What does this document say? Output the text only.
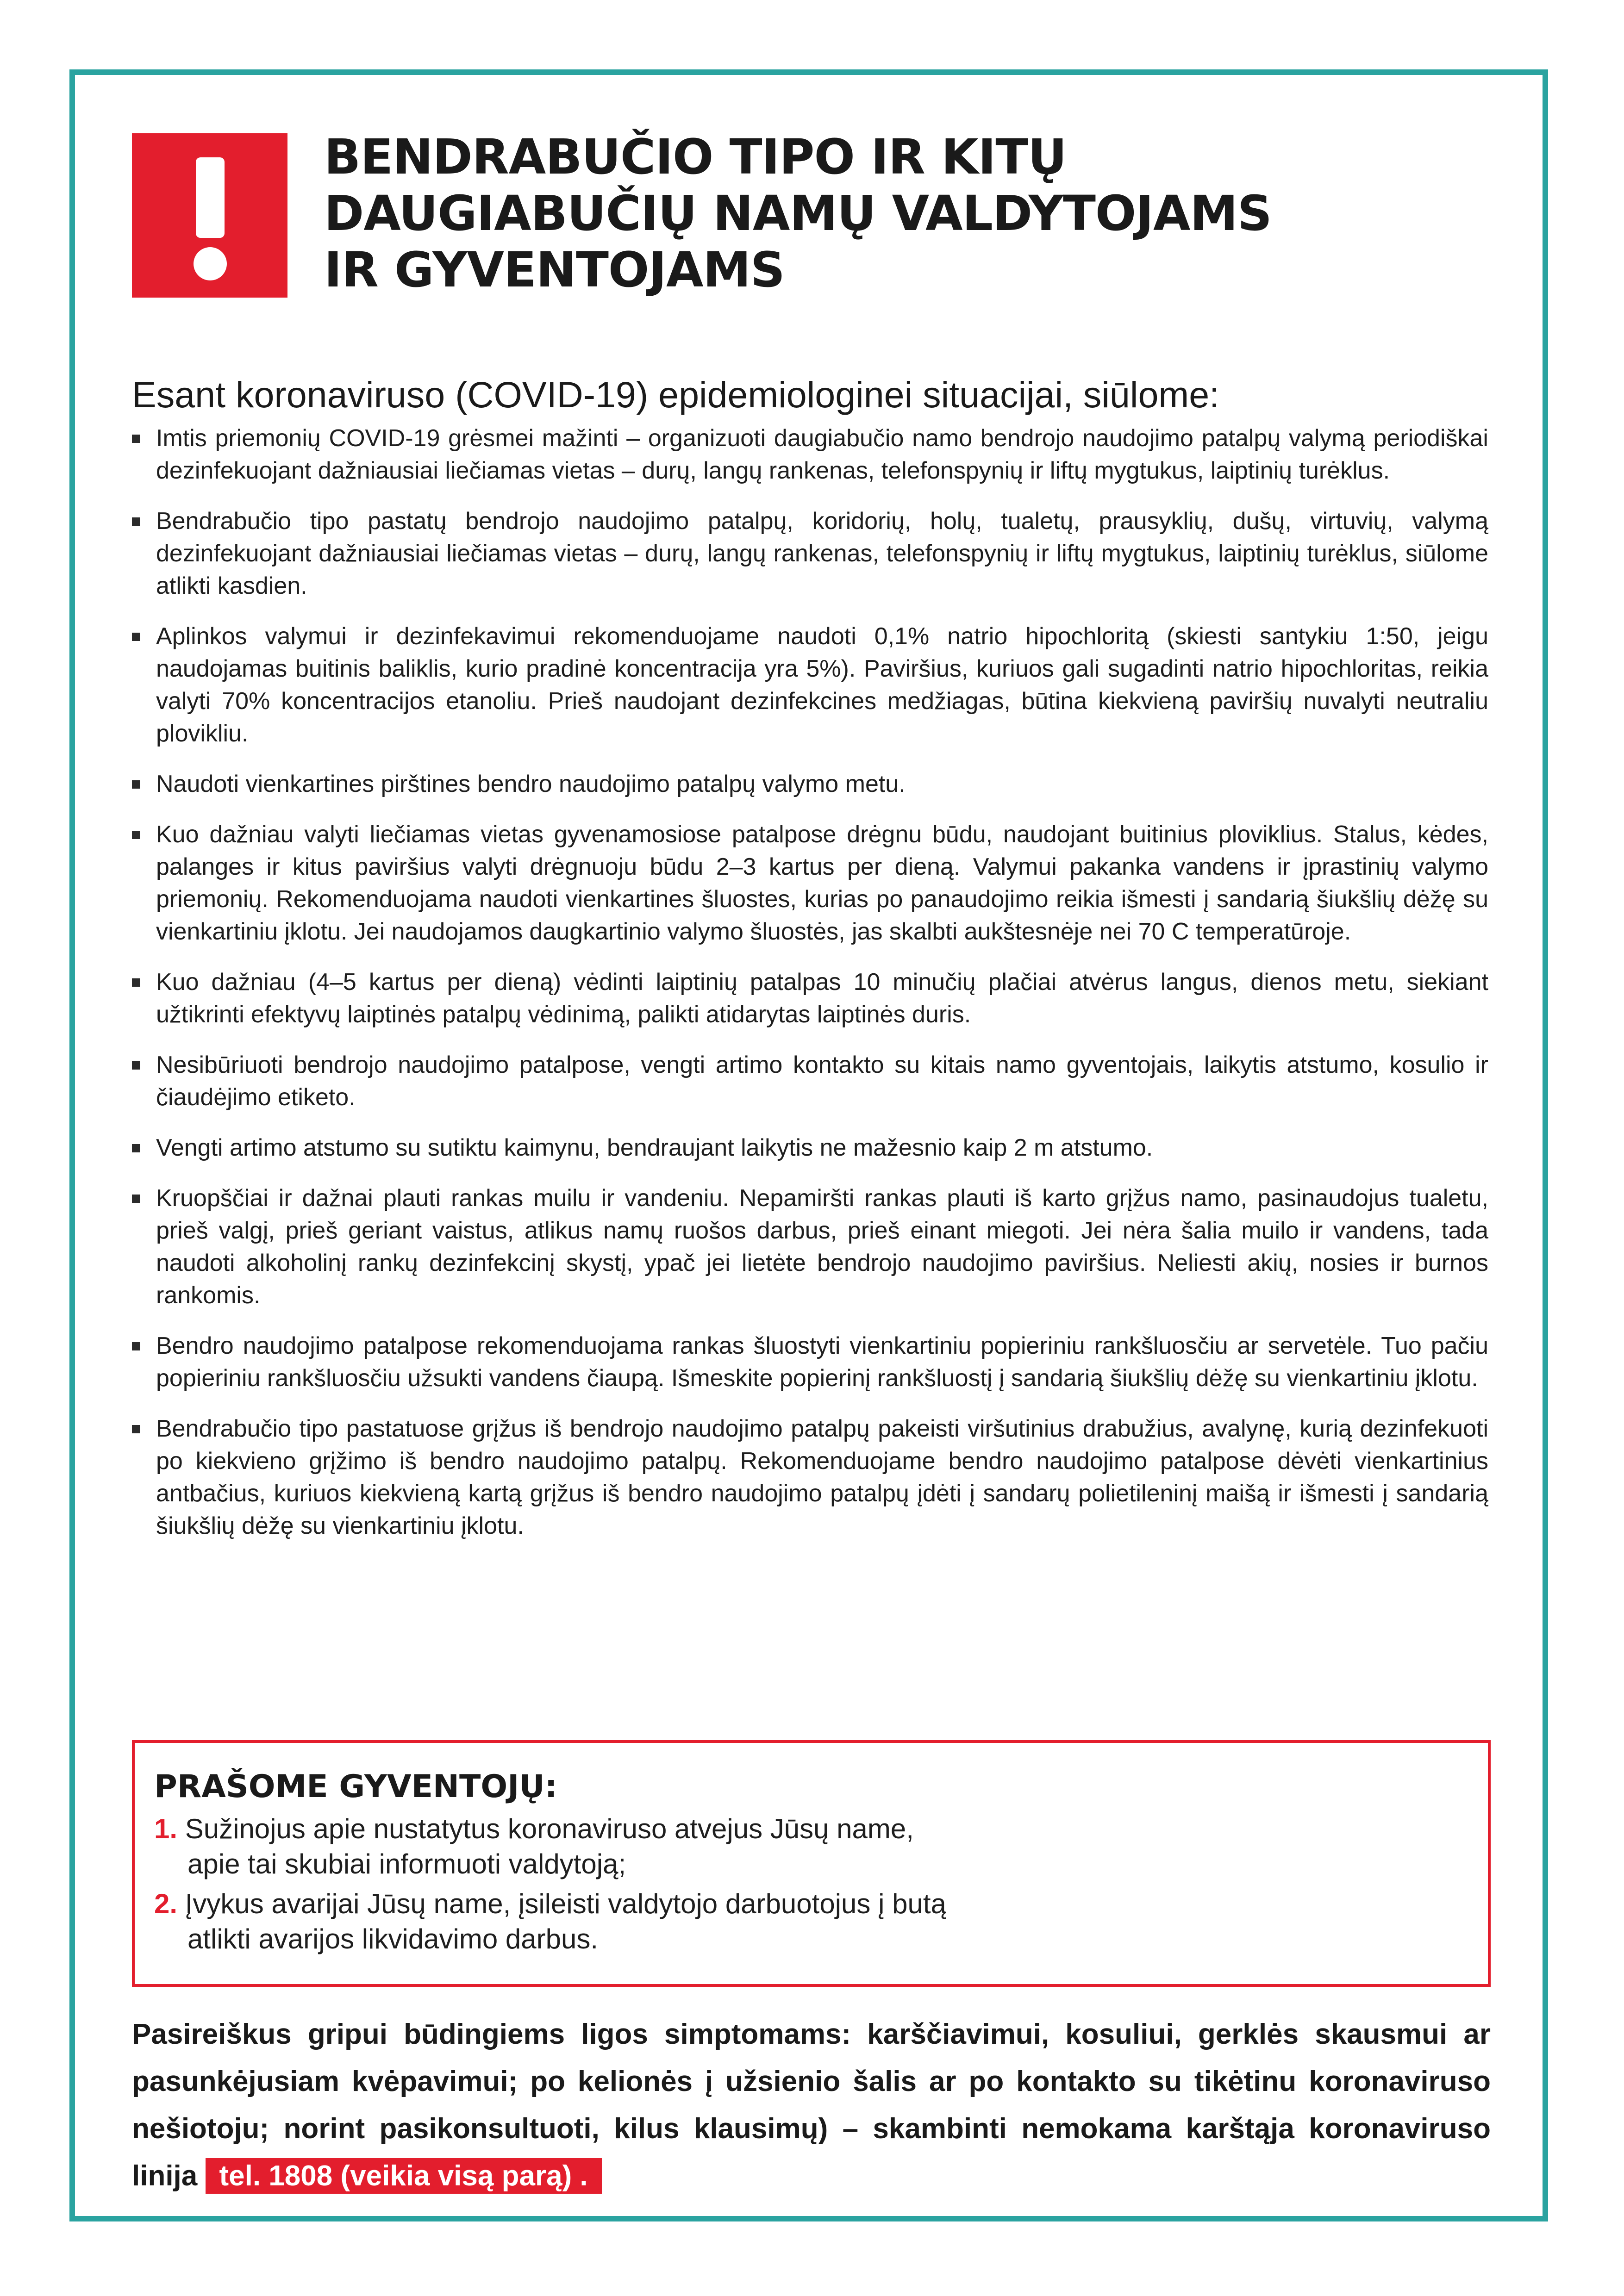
BENDRABUČIO TIPO IR KITŲ
DAUGIABUČIŲ NAMŲ VALDYTOJAMS
IR GYVENTOJAMS
Esant koronaviruso (COVID-19) epidemiologinei situacijai, siūlome:
Imtis priemonių COVID-19 grėsmei mažinti – organizuoti daugiabučio namo bendrojo naudojimo patalpų valymą periodiškai dezinfekuojant dažniausiai liečiamas vietas – durų, langų rankenas, telefonspynių ir liftų mygtukus, laiptinių turėklus.
Bendrabučio tipo pastatų bendrojo naudojimo patalpų, koridorių, holų, tualetų, prausyklių, dušų, virtuvių, valymą dezinfekuojant dažniausiai liečiamas vietas – durų, langų rankenas, telefonspynių ir liftų mygtukus, laiptinių turėklus, siūlome atlikti kasdien.
Aplinkos valymui ir dezinfekavimui rekomenduojame naudoti 0,1% natrio hipochloritą (skiesti santykiu 1:50, jeigu naudojamas buitinis baliklis, kurio pradinė koncentracija yra 5%). Paviršius, kuriuos gali sugadinti natrio hipochloritas, reikia valyti 70% koncentracijos etanoliu. Prieš naudojant dezinfekcines medžiagas, būtina kiekvieną paviršių nuvalyti neutraliu plovikliu.
Naudoti vienkartines pirštines bendro naudojimo patalpų valymo metu.
Kuo dažniau valyti liečiamas vietas gyvenamosiose patalpose drėgnu būdu, naudojant buitinius ploviklius. Stalus, kėdes, palanges ir kitus paviršius valyti drėgnuoju būdu 2–3 kartus per dieną. Valymui pakanka vandens ir įprastinių valymo priemonių. Rekomenduojama naudoti vienkartines šluostes, kurias po panaudojimo reikia išmesti į sandarią šiukšlių dėžę su vienkartiniu įklotu. Jei naudojamos daugkartinio valymo šluostės, jas skalbti aukštesnėje nei 70 C temperatūroje.
Kuo dažniau (4–5 kartus per dieną) vėdinti laiptinių patalpas 10 minučių plačiai atvėrus langus, dienos metu, siekiant užtikrinti efektyvų laiptinės patalpų vėdinimą, palikti atidarytas laiptinės duris.
Nesibūriuoti bendrojo naudojimo patalpose, vengti artimo kontakto su kitais namo gyventojais, laikytis atstumo, kosulio ir čiaudėjimo etiketo.
Vengti artimo atstumo su sutiktu kaimynu, bendraujant laikytis ne mažesnio kaip 2 m atstumo.
Kruopščiai ir dažnai plauti rankas muilu ir vandeniu. Nepamiršti rankas plauti iš karto grįžus namo, pasinaudojus tualetu, prieš valgį, prieš geriant vaistus, atlikus namų ruošos darbus, prieš einant miegoti. Jei nėra šalia muilo ir vandens, tada naudoti alkoholinį rankų dezinfekcinį skystį, ypač jei lietėte bendrojo naudojimo paviršius. Neliesti akių, nosies ir burnos rankomis.
Bendro naudojimo patalpose rekomenduojama rankas šluostyti vienkartiniu popieriniu rankšluosčiu ar servetėle. Tuo pačiu popieriniu rankšluosčiu užsukti vandens čiaupą. Išmeskite popierinį rankšluostį į sandarią šiukšlių dėžę su vienkartiniu įklotu.
Bendrabučio tipo pastatuose grįžus iš bendrojo naudojimo patalpų pakeisti viršutinius drabužius, avalynę, kurią dezinfekuoti po kiekvieno grįžimo iš bendro naudojimo patalpų. Rekomenduojame bendro naudojimo patalpose dėvėti vienkartinius antbačius, kuriuos kiekvieną kartą grįžus iš bendro naudojimo patalpų įdėti į sandarų polietileninį maišą ir išmesti į sandarią šiukšlių dėžę su vienkartiniu įklotu.
PRAŠOME GYVENTOJŲ:
1. Sužinojus apie nustatytus koronaviruso atvejus Jūsų name,
apie tai skubiai informuoti valdytoją;
2. Įvykus avarijai Jūsų name, įsileisti valdytojo darbuotojus į butą
atlikti avarijos likvidavimo darbus.
Pasireiškus gripui būdingiems ligos simptomams: karščiavimui, kosuliui, gerklės skausmui ar pasunkėjusiam kvėpavimui; po kelionės į užsienio šalis ar po kontakto su tikėtinu koronaviruso nešiotoju; norint pasikonsultuoti, kilus klausimų) – skambinti nemokama karštąja koronaviruso linija tel. 1808 (veikia visą parą) .
